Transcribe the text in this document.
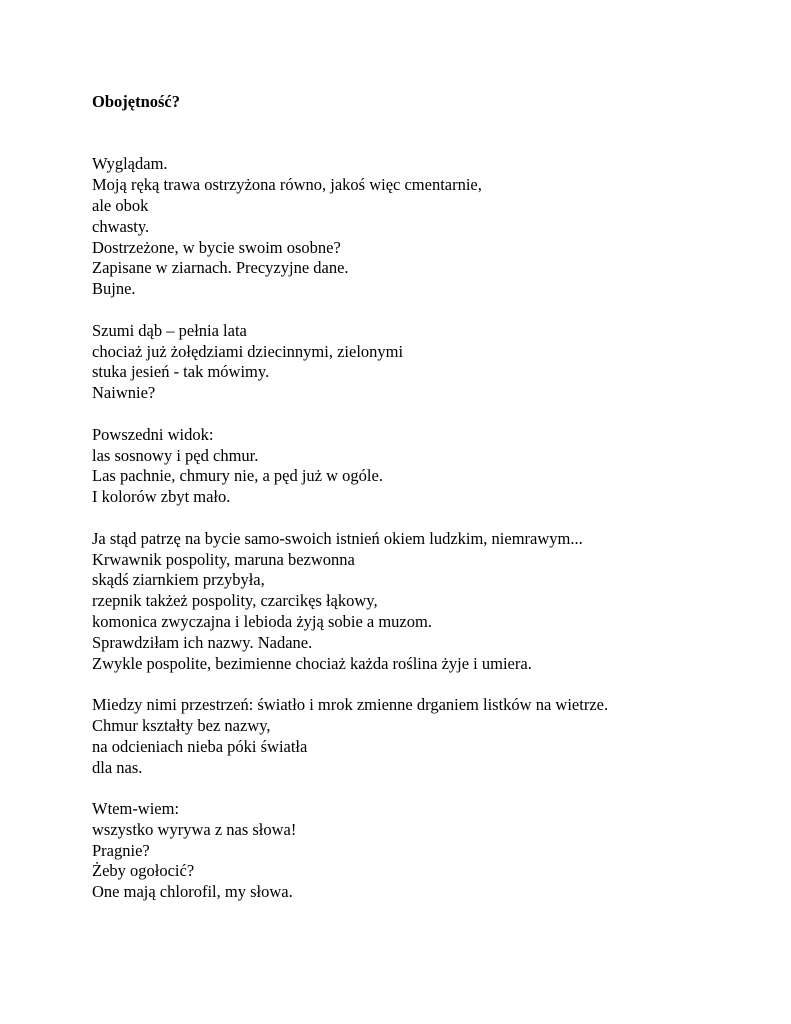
Obojętność?
Wyglądam.
Moją ręką trawa ostrzyżona równo, jakoś więc cmentarnie,
ale obok
chwasty.
Dostrzeżone, w bycie swoim osobne?
Zapisane w ziarnach. Precyzyjne dane.
Bujne.
Szumi dąb – pełnia lata
chociaż już żołędziami dziecinnymi, zielonymi
stuka jesień - tak mówimy.
Naiwnie?
Powszedni widok:
las sosnowy i pęd chmur.
Las pachnie, chmury nie, a pęd już w ogóle.
I kolorów zbyt mało.
Ja stąd patrzę na bycie samo-swoich istnień okiem ludzkim, niemrawym...
Krwawnik pospolity, maruna bezwonna
skądś ziarnkiem przybyła,
rzepnik takżeż pospolity, czarcikęs łąkowy,
komonica zwyczajna i lebioda żyją sobie a muzom.
Sprawdziłam ich nazwy. Nadane.
Zwykle pospolite, bezimienne chociaż każda roślina żyje i umiera.
Miedzy nimi przestrzeń: światło i mrok zmienne drganiem listków na wietrze.
Chmur kształty bez nazwy,
na odcieniach nieba póki światła
dla nas.
Wtem-wiem:
wszystko wyrywa z nas słowa!
Pragnie?
Żeby ogołocić?
One mają chlorofil, my słowa.
